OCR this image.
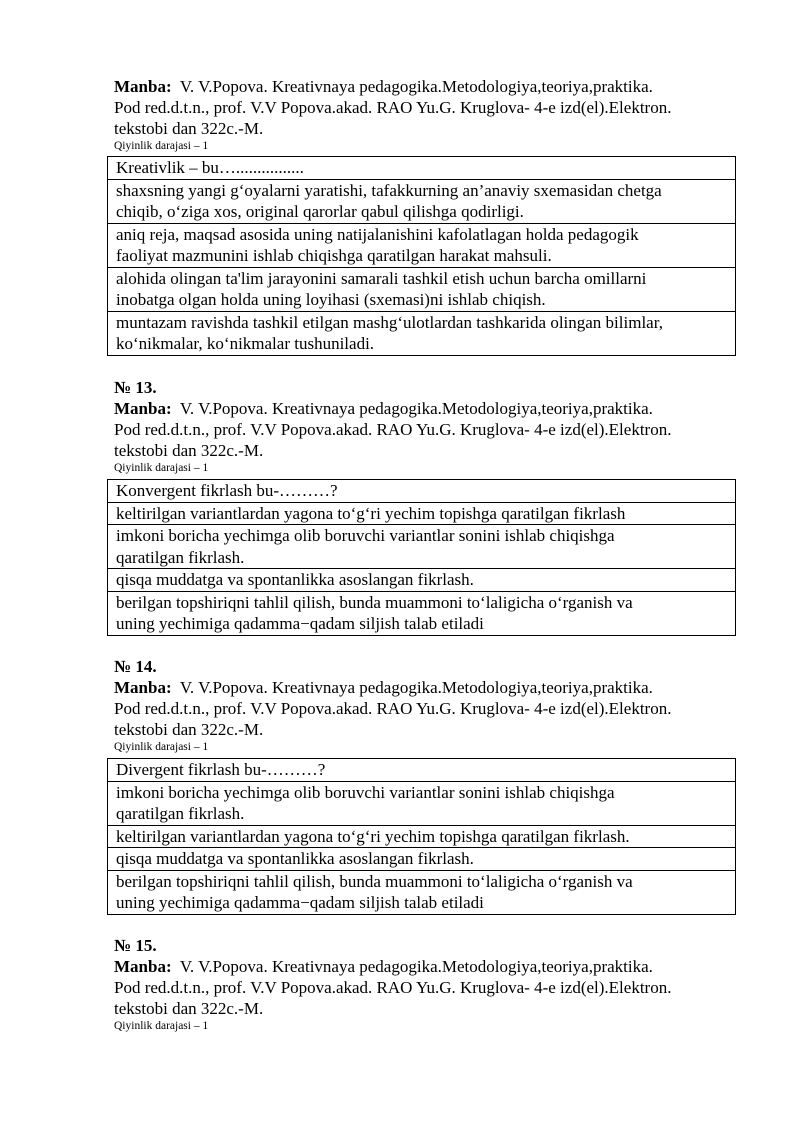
Manba: V. V.Popova. Kreativnaya pedagogika.Metodologiya,teoriya,praktika.
Pod red.d.t.n., prof. V.V Popova.akad. RAO Yu.G. Kruglova- 4-e izd(el).Elektron.
tekstobi dan 322c.-M.

Qiyinlik darajasi – 1

Kreativlik – bu…................
shaxsning yangi g‘oyalarni yaratishi, tafakkurning an’anaviy sxemasidan chetga
chiqib, o‘ziga xos, original qarorlar qabul qilishga qodirligi.
aniq reja, maqsad asosida uning natijalanishini kafolatlagan holda pedagogik
faoliyat mazmunini ishlab chiqishga qaratilgan harakat mahsuli.
alohida olingan ta'lim jarayonini samarali tashkil etish uchun barcha omillarni
inobatga olgan holda uning loyihasi (sxemasi)ni ishlab chiqish.
muntazam ravishda tashkil etilgan mashg‘ulotlardan tashkarida olingan bilimlar,
ko‘nikmalar, ko‘nikmalar tushuniladi.

№ 13.

Manba: V. V.Popova. Kreativnaya pedagogika.Metodologiya,teoriya,praktika.
Pod red.d.t.n., prof. V.V Popova.akad. RAO Yu.G. Kruglova- 4-e izd(el).Elektron.
tekstobi dan 322c.-M.

Qiyinlik darajasi – 1

Konvergent fikrlash bu-………?
keltirilgan variantlardan yagona to‘g‘ri yechim topishga qaratilgan fikrlash
imkoni boricha yechimga olib boruvchi variantlar sonini ishlab chiqishga
qaratilgan fikrlash.
qisqa muddatga va spontanlikka asoslangan fikrlash.
berilgan topshiriqni tahlil qilish, bunda muammoni to‘laligicha o‘rganish va
uning yechimiga qadamma−qadam siljish talab etiladi

№ 14.

Manba: V. V.Popova. Kreativnaya pedagogika.Metodologiya,teoriya,praktika.
Pod red.d.t.n., prof. V.V Popova.akad. RAO Yu.G. Kruglova- 4-e izd(el).Elektron.
tekstobi dan 322c.-M.

Qiyinlik darajasi – 1

Divergent fikrlash bu-………?
imkoni boricha yechimga olib boruvchi variantlar sonini ishlab chiqishga
qaratilgan fikrlash.
keltirilgan variantlardan yagona to‘g‘ri yechim topishga qaratilgan fikrlash.
qisqa muddatga va spontanlikka asoslangan fikrlash.
berilgan topshiriqni tahlil qilish, bunda muammoni to‘laligicha o‘rganish va
uning yechimiga qadamma−qadam siljish talab etiladi

№ 15.

Manba: V. V.Popova. Kreativnaya pedagogika.Metodologiya,teoriya,praktika.
Pod red.d.t.n., prof. V.V Popova.akad. RAO Yu.G. Kruglova- 4-e izd(el).Elektron.
tekstobi dan 322c.-M.

Qiyinlik darajasi – 1
